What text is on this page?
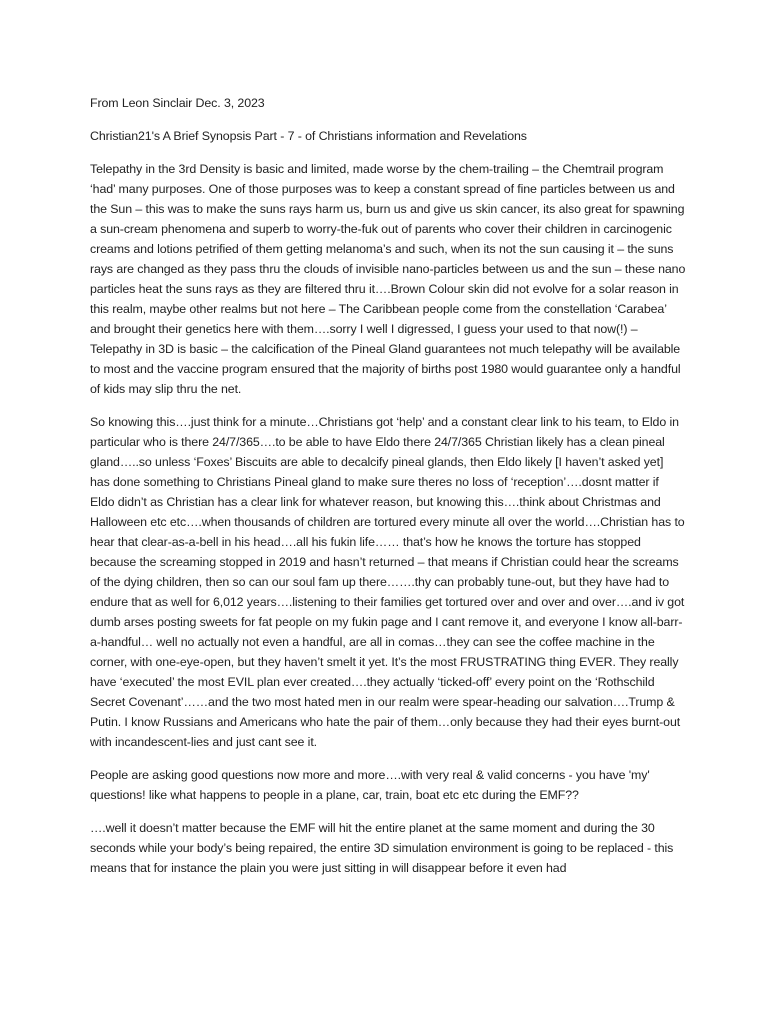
From Leon Sinclair Dec. 3, 2023

Christian21's A Brief Synopsis Part - 7 - of Christians information and Revelations

Telepathy in the 3rd Density is basic and limited, made worse by the chem-trailing – the Chemtrail program ‘had’ many purposes. One of those purposes was to keep a constant spread of fine particles between us and the Sun – this was to make the suns rays harm us, burn us and give us skin cancer, its also great for spawning a sun-cream phenomena and superb to worry-the-fuk out of parents who cover their children in carcinogenic creams and lotions petrified of them getting melanoma’s and such, when its not the sun causing it – the suns rays are changed as they pass thru the clouds of invisible nano-particles between us and the sun – these nano particles heat the suns rays as they are filtered thru it….Brown Colour skin did not evolve for a solar reason in this realm, maybe other realms but not here – The Caribbean people come from the constellation ‘Carabea’ and brought their genetics here with them….sorry I well I digressed, I guess your used to that now(!) – Telepathy in 3D is basic – the calcification of the Pineal Gland guarantees not much telepathy will be available to most and the vaccine program ensured that the majority of births post 1980 would guarantee only a handful of kids may slip thru the net.

So knowing this….just think for a minute…Christians got ‘help’ and a constant clear link to his team, to Eldo in particular who is there 24/7/365….to be able to have Eldo there 24/7/365 Christian likely has a clean pineal gland…..so unless ‘Foxes’ Biscuits are able to decalcify pineal glands, then Eldo likely [I haven’t asked yet] has done something to Christians Pineal gland to make sure theres no loss of ‘reception’….dosnt matter if Eldo didn’t as Christian has a clear link for whatever reason, but knowing this….think about Christmas and Halloween etc etc….when thousands of children are tortured every minute all over the world….Christian has to hear that clear-as-a-bell in his head….all his fukin life…… that’s how he knows the torture has stopped because the screaming stopped in 2019 and hasn’t returned – that means if Christian could hear the screams of the dying children, then so can our soul fam up there…….thy can probably tune-out, but they have had to endure that as well for 6,012 years….listening to their families get tortured over and over and over….and iv got dumb arses posting sweets for fat people on my fukin page and I cant remove it, and everyone I know all-barr-a-handful… well no actually not even a handful, are all in comas…they can see the coffee machine in the corner, with one-eye-open, but they haven’t smelt it yet. It’s the most FRUSTRATING thing EVER. They really have ‘executed’ the most EVIL plan ever created….they actually ‘ticked-off’ every point on the ‘Rothschild Secret Covenant’……and the two most hated men in our realm were spear-heading our salvation….Trump & Putin. I know Russians and Americans who hate the pair of them…only because they had their eyes burnt-out with incandescent-lies and just cant see it.

People are asking good questions now more and more….with very real & valid concerns - you have 'my' questions! like what happens to people in a plane, car, train, boat etc etc during the EMF??

….well it doesn’t matter because the EMF will hit the entire planet at the same moment and during the 30 seconds while your body’s being repaired, the entire 3D simulation environment is going to be replaced - this means that for instance the plain you were just sitting in will disappear before it even had
